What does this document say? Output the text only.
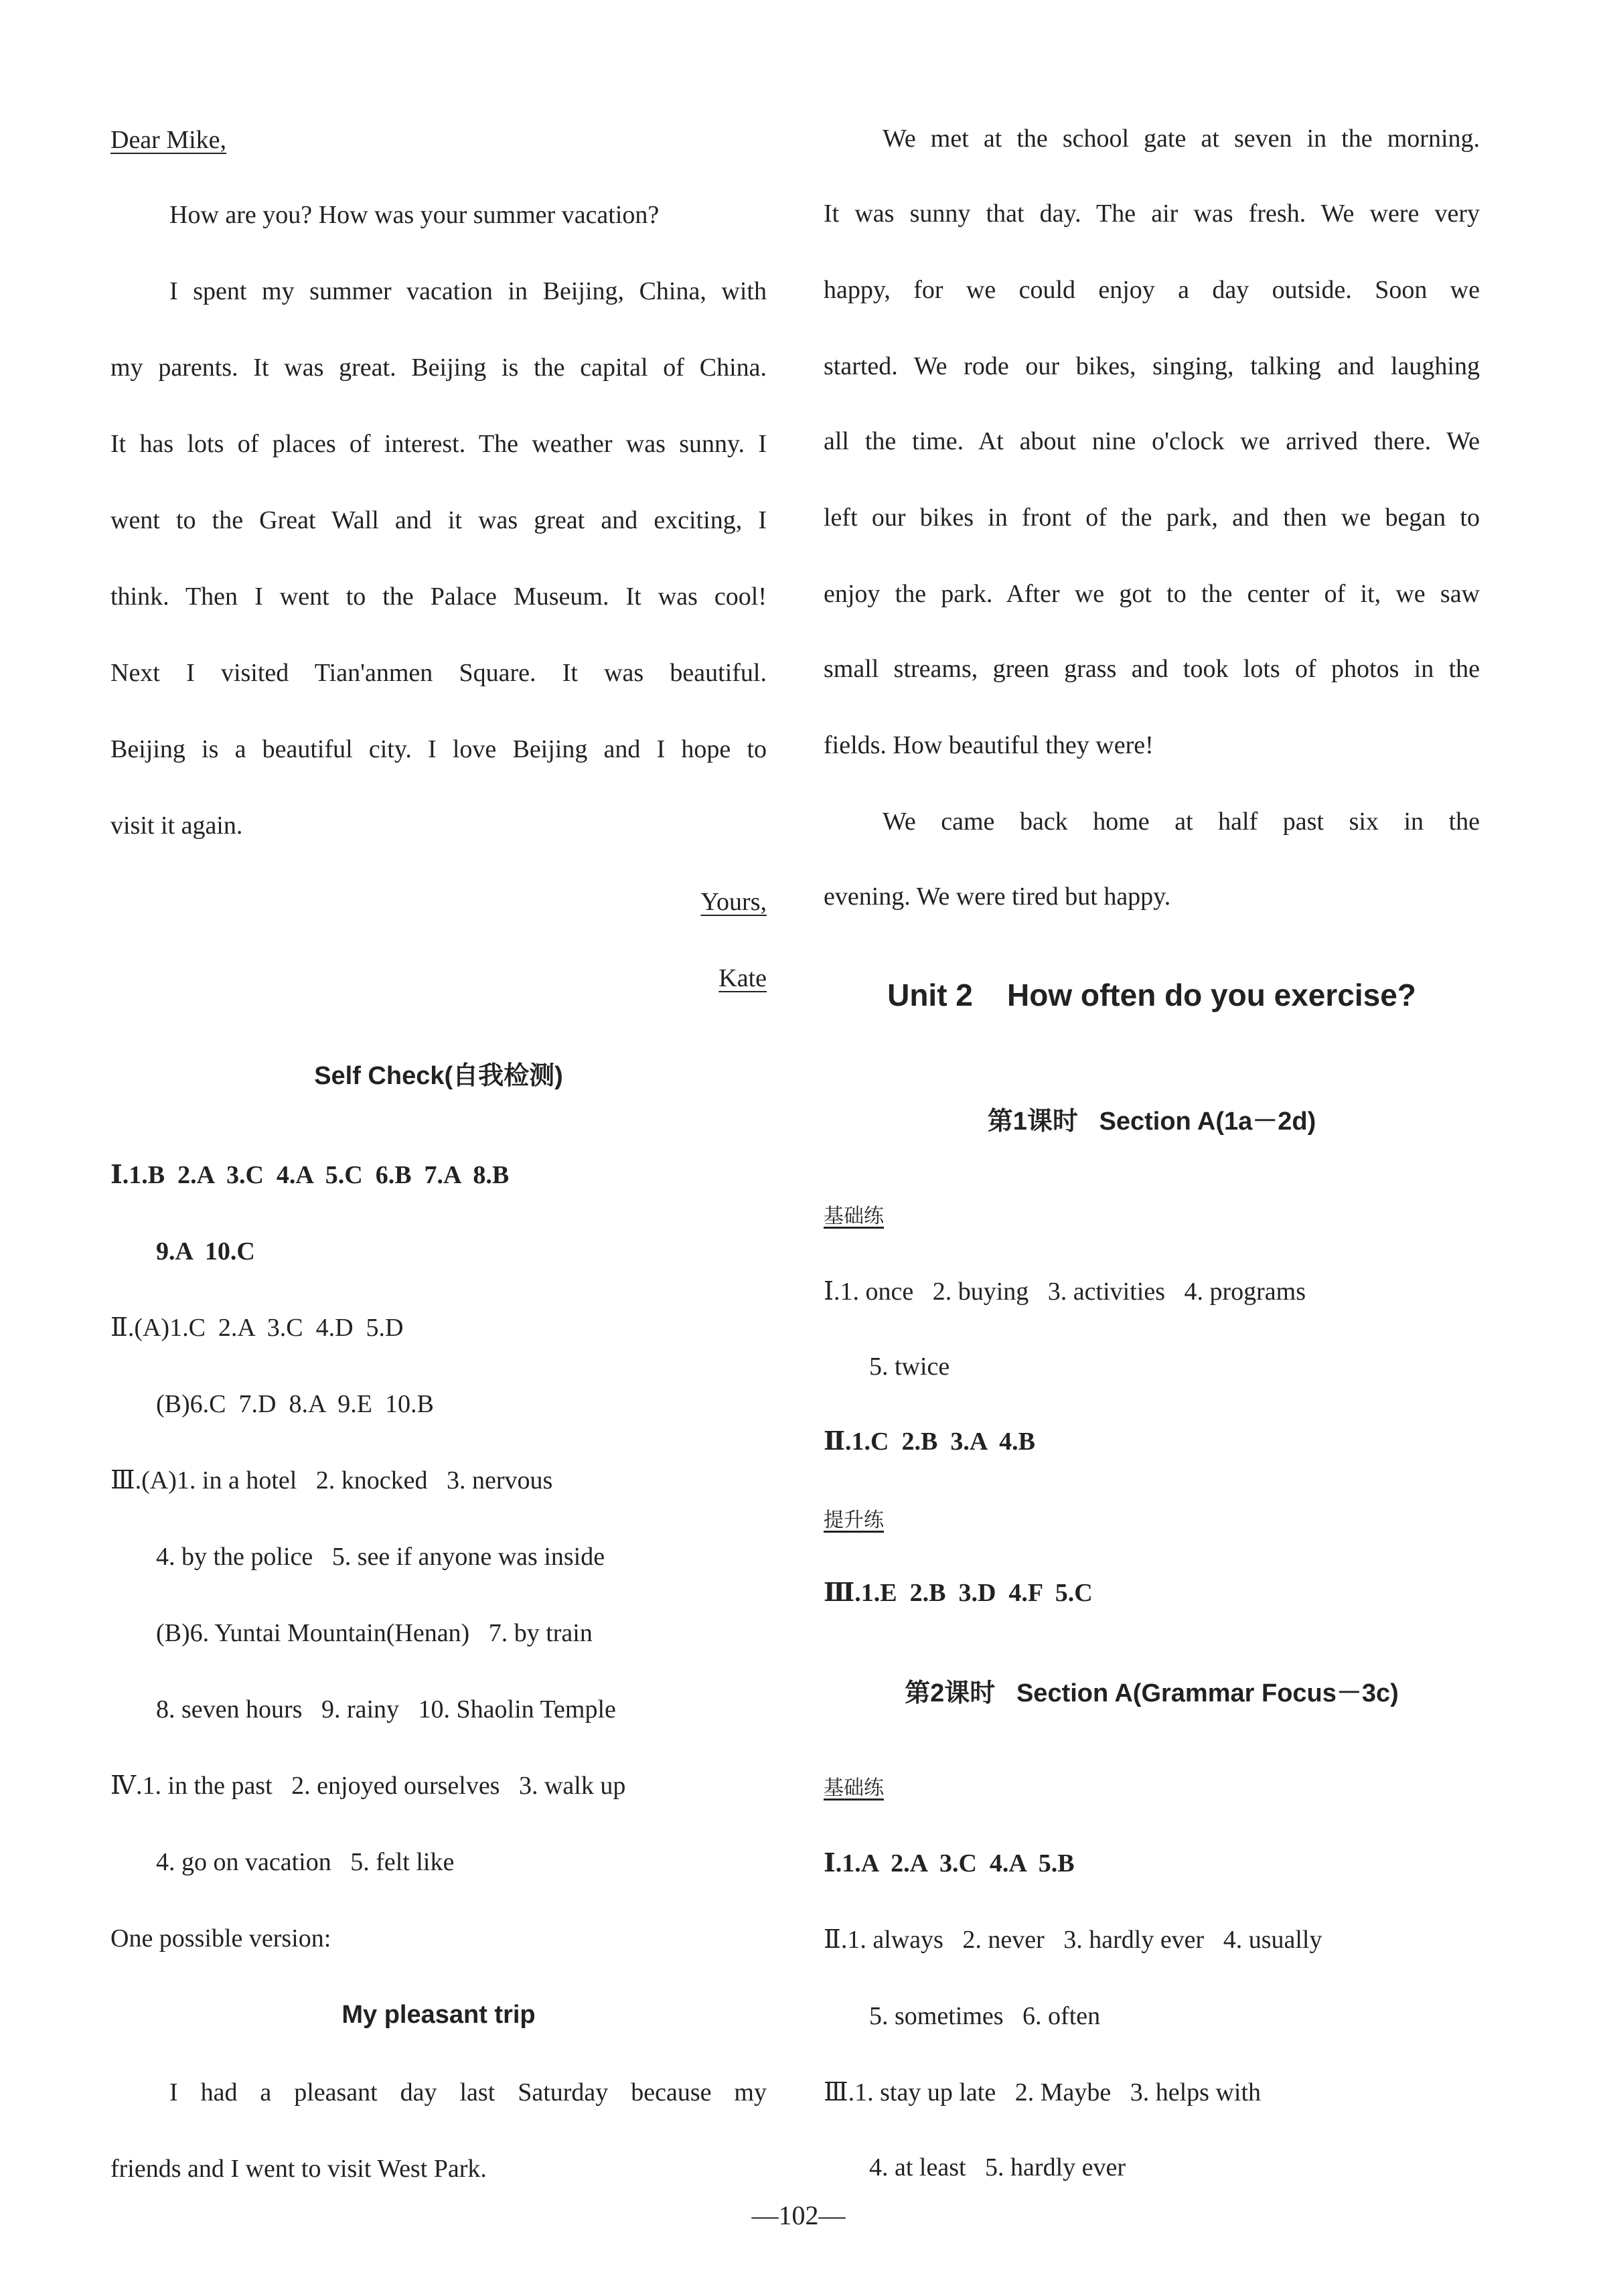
Dear Mike,
How are you? How was your summer vacation?
I spent my summer vacation in Beijing, China, with
my parents. It was great. Beijing is the capital of China.
It has lots of places of interest. The weather was sunny. I
went to the Great Wall and it was great and exciting, I
think. Then I went to the Palace Museum. It was cool!
Next I visited Tian'anmen Square. It was beautiful.
Beijing is a beautiful city. I love Beijing and I hope to
visit it again.
Yours,
Kate
Self Check(自我检测)
Ⅰ.1.B  2.A  3.C  4.A  5.C  6.B  7.A  8.B
9.A  10.C
Ⅱ.(A)1.C  2.A  3.C  4.D  5.D
(B)6.C  7.D  8.A  9.E  10.B
Ⅲ.(A)1. in a hotel   2. knocked   3. nervous
4. by the police   5. see if anyone was inside
(B)6. Yuntai Mountain(Henan)   7. by train
8. seven hours   9. rainy   10. Shaolin Temple
Ⅳ.1. in the past   2. enjoyed ourselves   3. walk up
4. go on vacation   5. felt like
One possible version:
My pleasant trip
I had a pleasant day last Saturday because my
friends and I went to visit West Park.
We met at the school gate at seven in the morning.
It was sunny that day. The air was fresh. We were very
happy, for we could enjoy a day outside. Soon we
started. We rode our bikes, singing, talking and laughing
all the time. At about nine o'clock we arrived there. We
left our bikes in front of the park, and then we began to
enjoy the park. After we got to the center of it, we saw
small streams, green grass and took lots of photos in the
fields. How beautiful they were!
We came back home at half past six in the
evening. We were tired but happy.
Unit 2    How often do you exercise?
第1课时   Section A(1a－2d)
基础练
Ⅰ.1. once   2. buying   3. activities   4. programs
5. twice
Ⅱ.1.C  2.B  3.A  4.B
提升练
Ⅲ.1.E  2.B  3.D  4.F  5.C
第2课时   Section A(Grammar Focus－3c)
基础练
Ⅰ.1.A  2.A  3.C  4.A  5.B
Ⅱ.1. always   2. never   3. hardly ever   4. usually
5. sometimes   6. often
Ⅲ.1. stay up late   2. Maybe   3. helps with
4. at least   5. hardly ever
—102—
